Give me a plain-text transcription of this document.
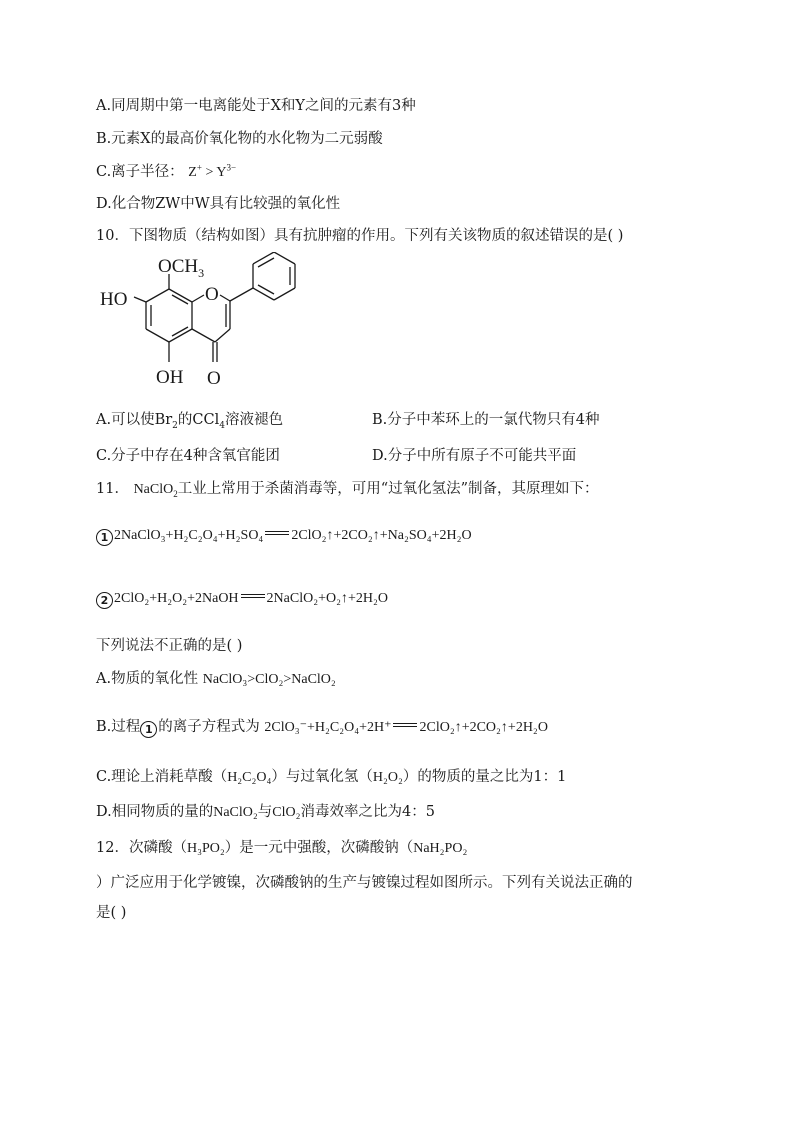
A.同周期中第一电离能处于X和Y之间的元素有3种
B.元素X的最高价氧化物的水化物为二元弱酸
C.离子半径： $Z^+ > Y^{3-}$
D.化合物ZW中W具有比较强的氧化性
10．下图物质（结构如图）具有抗肿瘤的作用。下列有关该物质的叙述错误的是( )
$OCH_3$
HO	O
OH O
A.可以使$Br_2$的CCl$_4$溶液褪色	B.分子中苯环上的一氯代物只有4种
C.分子中存在4种含氧官能团	D.分子中所有原子不可能共平面
11． NaClO$_2$工业上常用于杀菌消毒等，可用“过氧化氢法”制备，其原理如下：
1 2NaClO₃+H₂C₂O₄+H₂SO₄ 2ClO₂↑+2CO₂↑+Na₂SO₄+2H₂O
2 2ClO₂+H₂O₂+2NaOH 2NaClO₂+O₂↑+2H₂O
下列说法不正确的是( )
A.物质的氧化性 NaClO₃>ClO₂>NaClO₂
B.过程 1 的离子方程式为 2ClO₃⁻+H₂C₂O₄+2H⁺ 2ClO₂↑+2CO₂↑+2H₂O
C.理论上消耗草酸（H₂C₂O₄）与过氧化氢（H₂O₂）的物质的量之比为1：1
D.相同物质的量的NaClO₂与ClO₂消毒效率之比为4：5
12．次磷酸（H₃PO₂）是一元中强酸，次磷酸钠（NaH₂PO₂
）广泛应用于化学镀镍，次磷酸钠的生产与镀镍过程如图所示。下列有关说法正确的
是( )
